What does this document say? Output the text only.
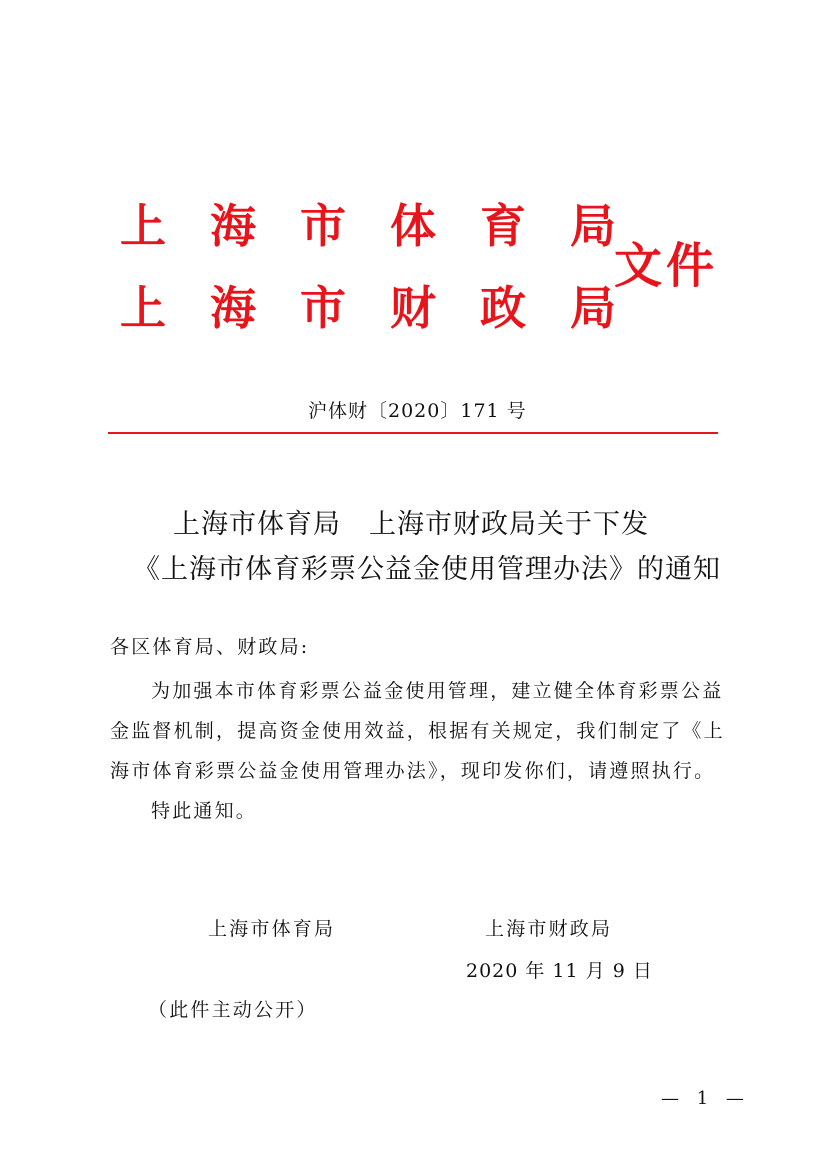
上海市体育局
上海市财政局
文件
沪体财〔2020〕171 号
上海市体育局　上海市财政局关于下发
《上海市体育彩票公益金使用管理办法》的通知
各区体育局、财政局:
为加强本市体育彩票公益金使用管理，建立健全体育彩票公益
金监督机制，提高资金使用效益，根据有关规定，我们制定了《上
海市体育彩票公益金使用管理办法》，现印发你们，请遵照执行。
特此通知。
上海市体育局	上海市财政局
2020 年 11 月 9 日
（此件主动公开）
— 1 —
